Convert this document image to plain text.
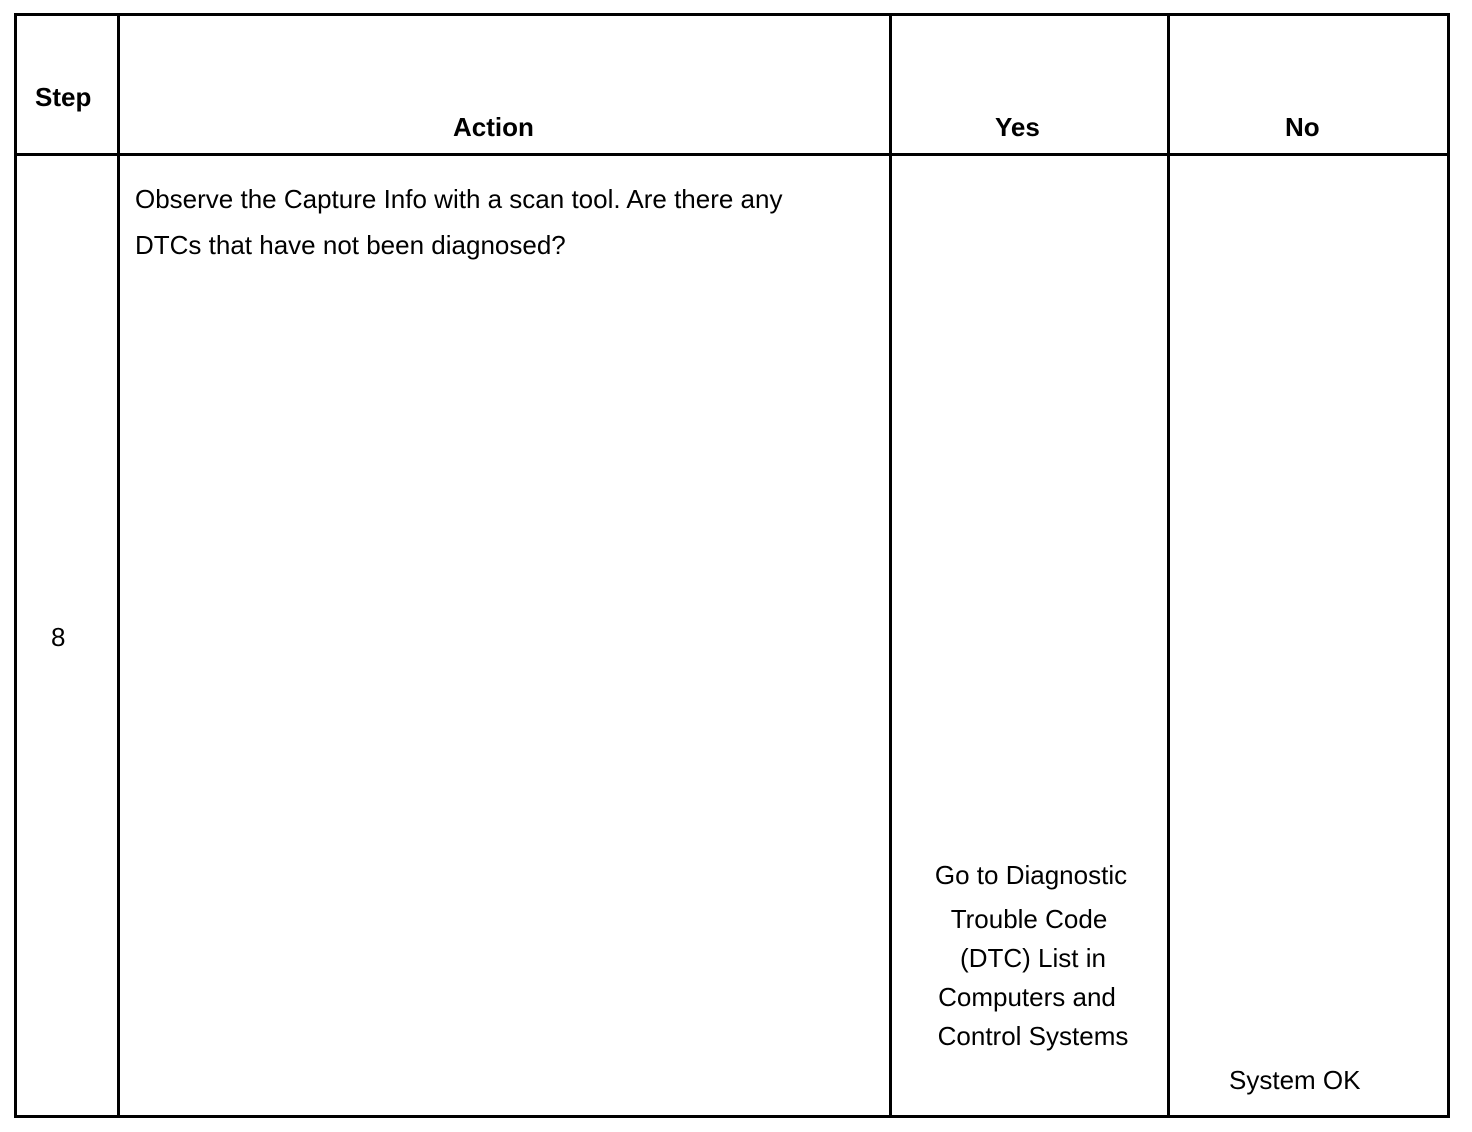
Step
Action	Yes	No
8
Observe the Capture Info with a scan tool. Are there any DTCs that have not been diagnosed?
Go to Diagnostic
Trouble Code
(DTC) List in
Computers and
Control Systems
System OK
